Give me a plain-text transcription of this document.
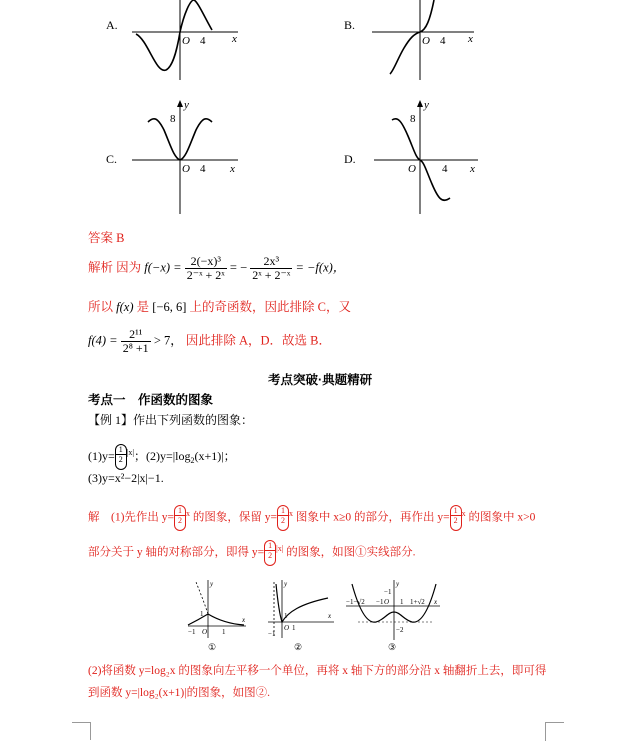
A.
O 4 x
B.
O 4 x
C.
y
8
O 4 x
D.
y
8
O 4 x
答案 B
解析 因为 $f(-x) = \frac{\text{2(−x)³}}{\text{2⁻ˣ + 2ˣ}}$ = − $\frac{\text{2x³}}{\text{2ˣ + 2⁻ˣ}} = -f(x)$，
所以 f(x) 是 [−6, 6] 上的奇函数，因此排除 C，又
$f(4) = \frac{\text{2¹¹}}{\text{2⁸ +1}} > 7$， 因此排除 A，D．故选 B．
考点突破·典题精研
考点一　作函数的图象
【例 1】作出下列函数的图象：
$(1)y= \frac{1}{2}^{|x|}$；$(2)y=|\log_2(x+1)|$；
(3)y=x²−2|x|−1.
解　(1)先作出 $y= \frac{1}{2}^x$ 的图象，保留 $y= \frac{1}{2}^x$ 图象中 x≥0 的部分，再作出 $y= \frac{1}{2}^x$ 的图象中 x>0
部分关于 y 轴的对称部分，即得 $y= \frac{1}{2}^{|x|}$ 的图象，如图①实线部分.
y
1
−1 O 1
x
①
y
1
O
−1
1
x
②
y
−1
−1−√2	O
−1 1 1+√2 x
−2
③
(2)将函数 y=log₂x 的图象向左平移一个单位，再将 x 轴下方的部分沿 x 轴翻折上去，即可得
到函数 y=|log₂(x+1)|的图象，如图②.
